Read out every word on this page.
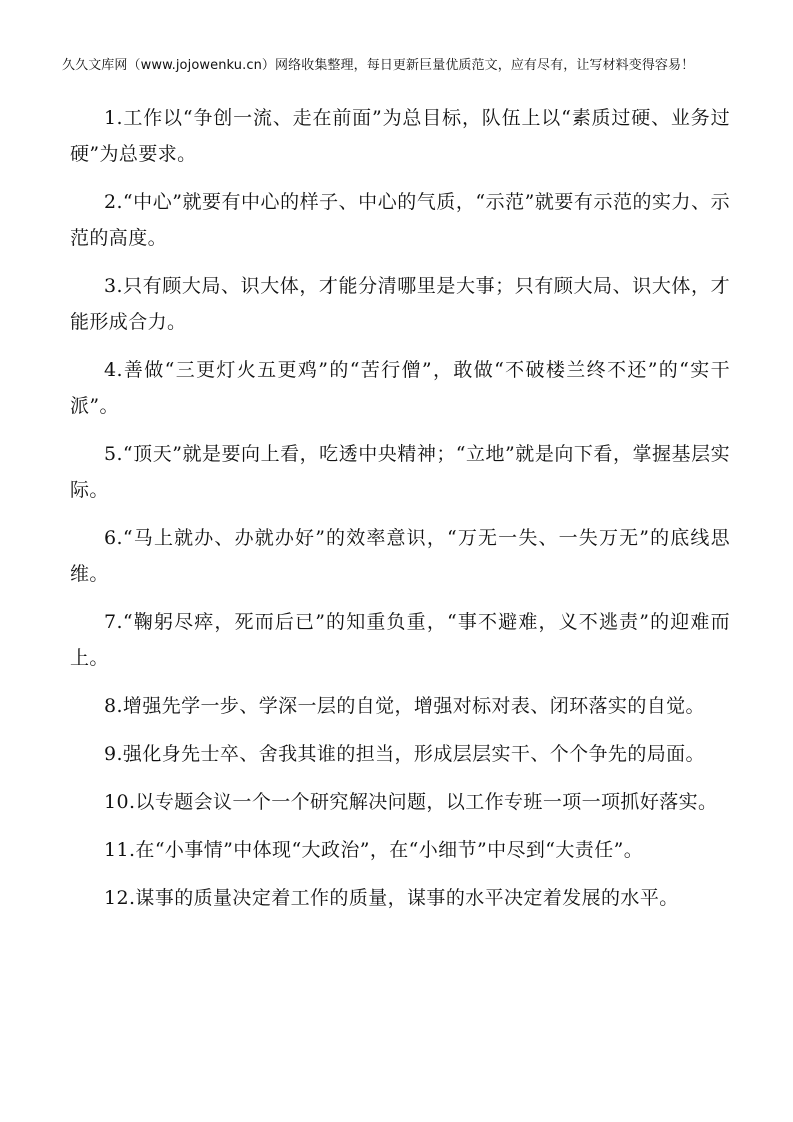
久久文库网（www.jojowenku.cn）网络收集整理，每日更新巨量优质范文，应有尽有，让写材料变得容易！

1.工作以“争创一流、走在前面”为总目标，队伍上以“素质过硬、业务过硬”为总要求。

2.“中心”就要有中心的样子、中心的气质，“示范”就要有示范的实力、示范的高度。

3.只有顾大局、识大体，才能分清哪里是大事；只有顾大局、识大体，才能形成合力。

4.善做“三更灯火五更鸡”的“苦行僧”，敢做“不破楼兰终不还”的“实干派”。

5.“顶天”就是要向上看，吃透中央精神；“立地”就是向下看，掌握基层实际。

6.“马上就办、办就办好”的效率意识，“万无一失、一失万无”的底线思维。

7.“鞠躬尽瘁，死而后已”的知重负重，“事不避难，义不逃责”的迎难而上。

8.增强先学一步、学深一层的自觉，增强对标对表、闭环落实的自觉。

9.强化身先士卒、舍我其谁的担当，形成层层实干、个个争先的局面。

10.以专题会议一个一个研究解决问题，以工作专班一项一项抓好落实。

11.在“小事情”中体现“大政治”，在“小细节”中尽到“大责任”。

12.谋事的质量决定着工作的质量，谋事的水平决定着发展的水平。
